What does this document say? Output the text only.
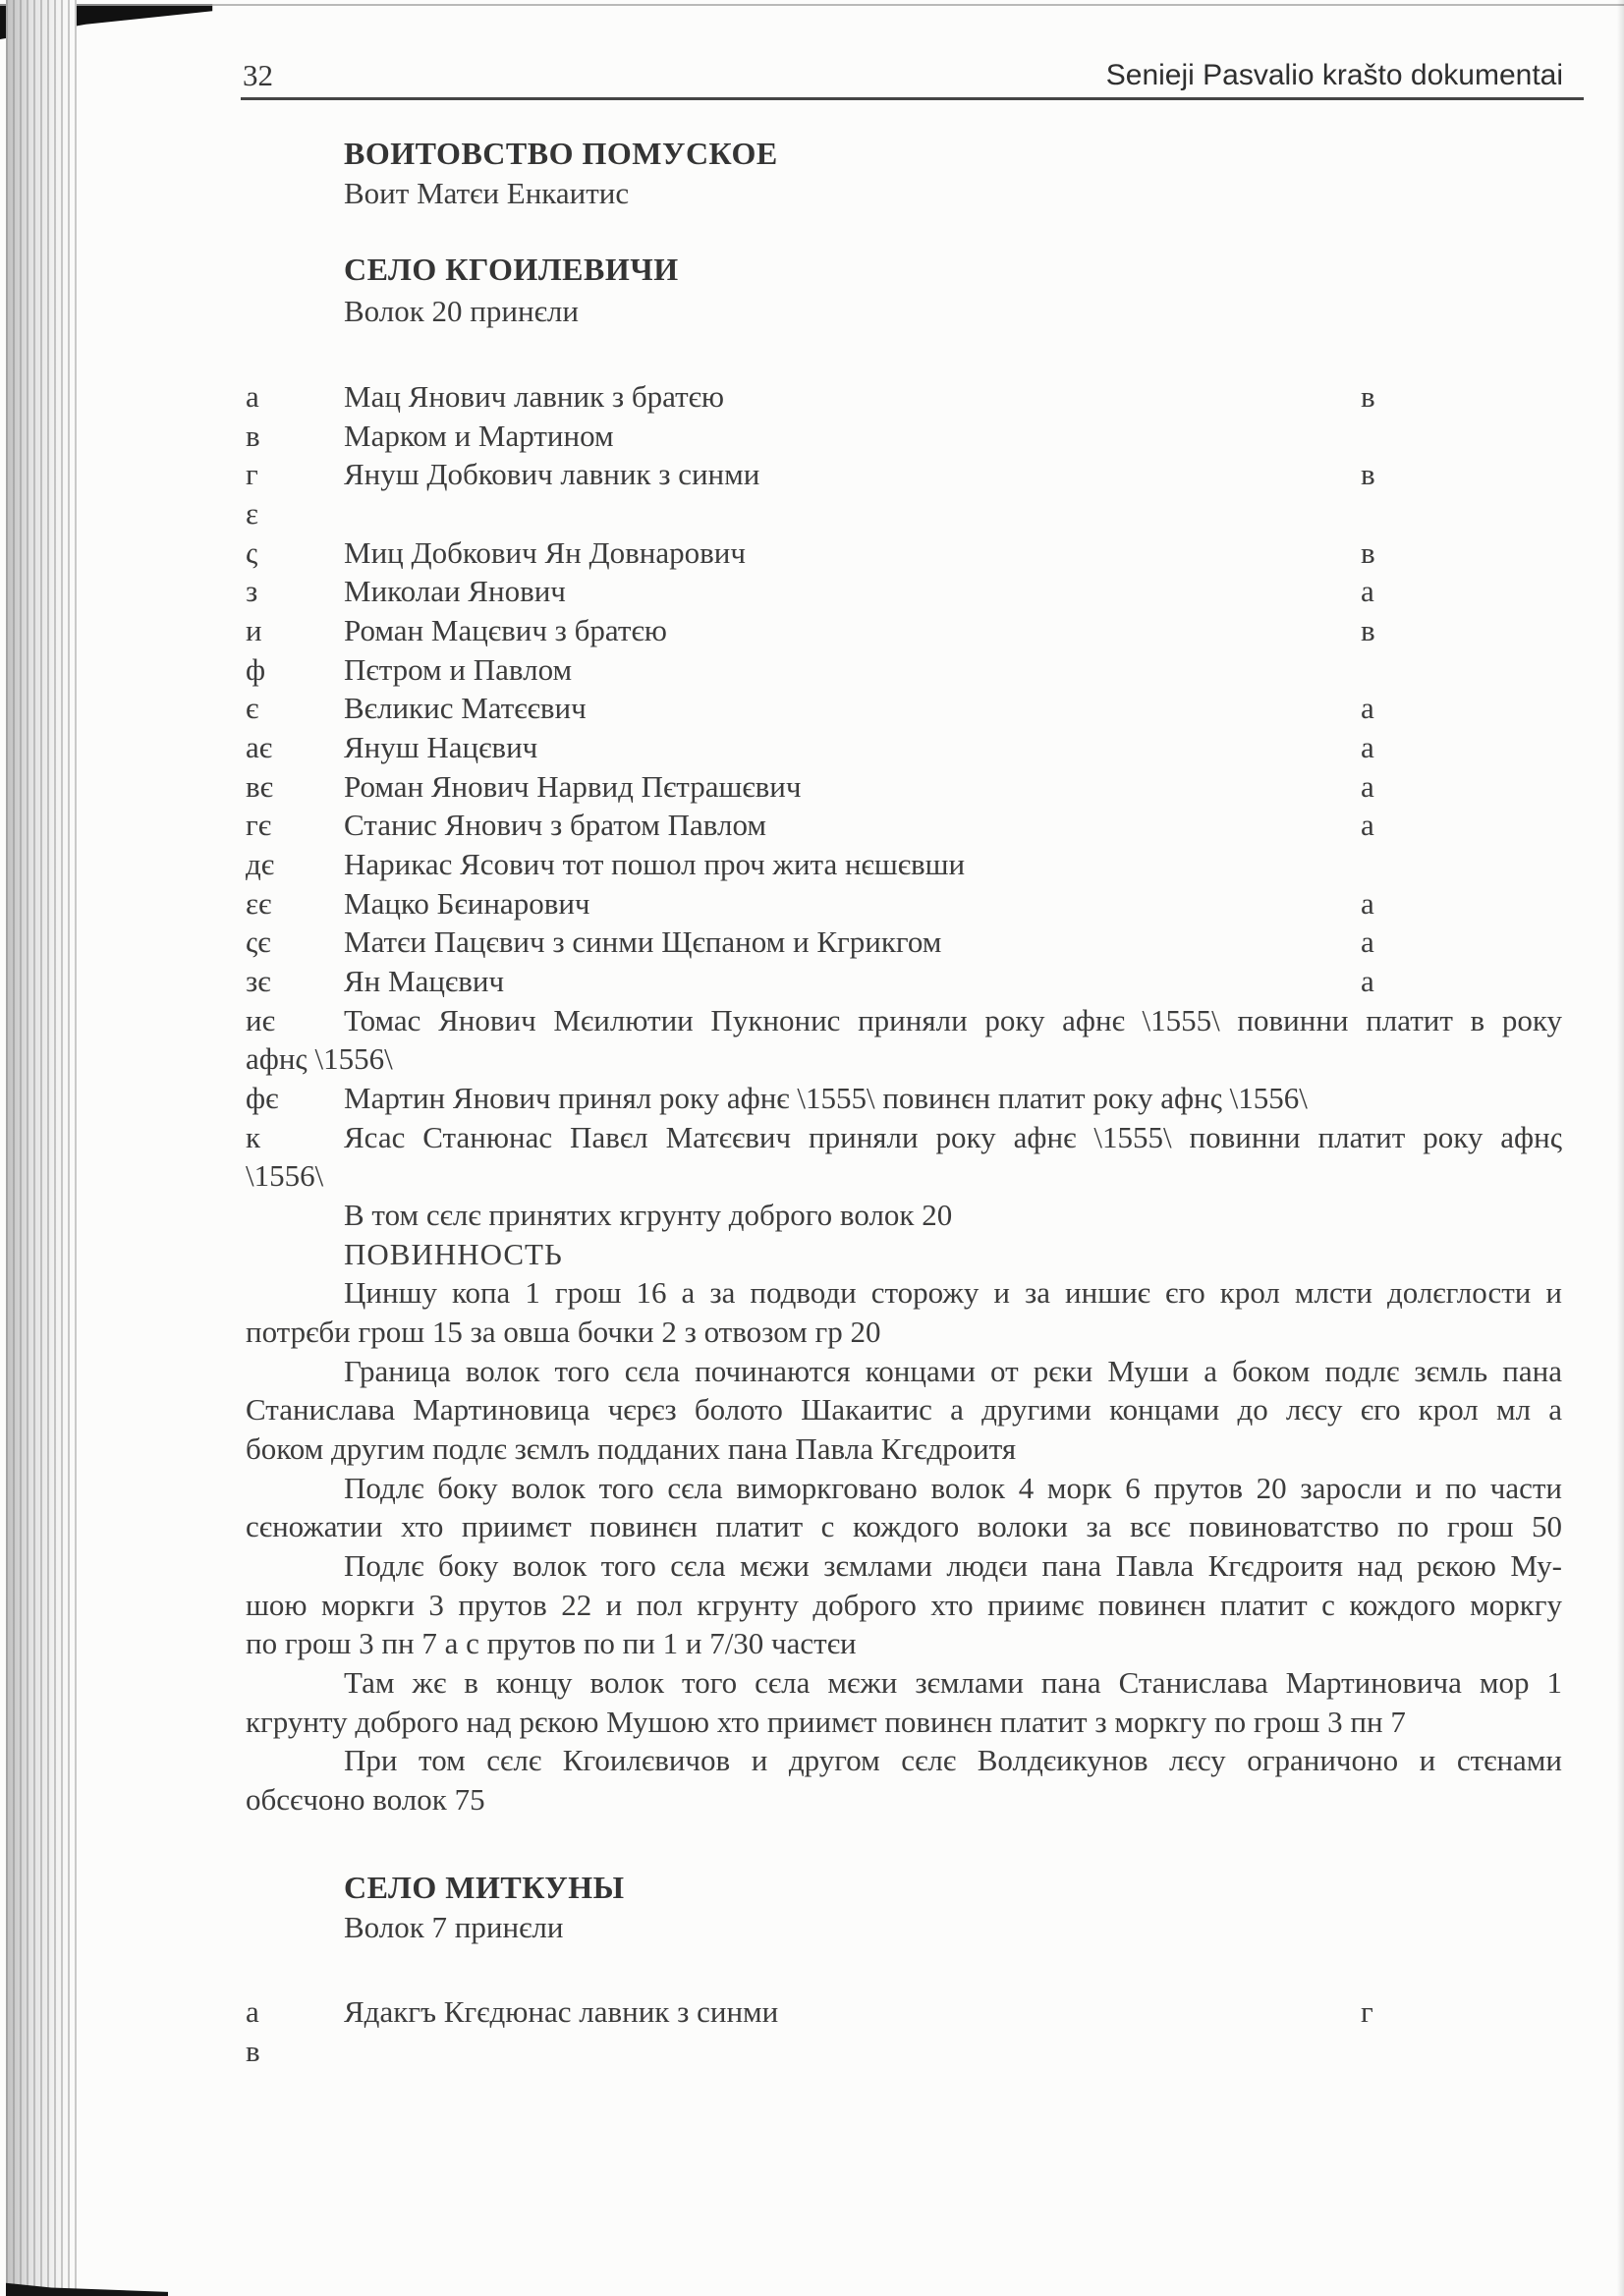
32	Senieji Pasvalio krašto dokumentai
ВОИТОВСТВО ПОМУСКОЕ
Воит Матєи Енкаитис
СЕЛО КГОИЛЕВИЧИ
Волок 20 принєли
а	Мац Янович лавник з братєю	в
в	Марком и Мартином
г	Януш Добкович лавник з синми	в
ε
ς	Миц Добкович Ян Довнарович	в
з	Миколаи Янович	а
и	Роман Мацєвич з братєю	в
ф	Пєтром и Павлом
є	Вєликис Матєєвич	а
ає Януш Нацєвич	а
вє Роман Янович Нарвид Пєтрашєвич	а
гє Станис Янович з братом Павлом	а
дє Нарикас Ясович тот пошол проч жита нєшєвши
εє Мацко Бєинарович	а
ςє Матєи Пацєвич з синми Щєпаном и Кгрикгом	а
зє Ян Мацєвич	а
иє Томас Янович Мєилютии Пукнонис приняли року афнє \1555\ повинни платит в року
афнς \1556\
фє Мартин Янович принял року афнє \1555\ повинєн платит року афнς \1556\
к	Ясас Станюнас Павєл Матєєвич приняли року афнє \1555\ повинни платит року афнς
\1556\
В том сєлє принятих кгрунту доброго волок 20
ПОВИННОСТЬ
Циншу копа 1 грош 16 а за подводи сторожу и за иншиє єго крол млсти долєглости и
потрєби грош 15 за овша бочки 2 з отвозом гр 20
Граница волок того сєла починаются концами от рєки Муши а боком подлє зємль пана
Станислава Мартиновица чєрєз болото Шакаитис а другими концами до лєсу єго крол мл а
боком другим подлє зємлъ подданих пана Павла Кгєдроитя
Подлє боку волок того сєла виморкговано волок 4 морк 6 прутов 20 заросли и по части
сєножатии хто приимєт повинєн платит с кождого волоки за всє повиноватство по грош 50
Подлє боку волок того сєла мєжи зємлами людєи пана Павла Кгєдроитя над рєкою Му-
шою моркги 3 прутов 22 и пол кгрунту доброго хто приимє повинєн платит с кождого моркгу
по грош 3 пн 7 а с прутов по пи 1 и 7/30 частєи
Там жє в концу волок того сєла мєжи зємлами пана Станислава Мартиновича мор 1
кгрунту доброго над рєкою Мушою хто приимєт повинєн платит з моркгу по грош 3 пн 7
При том сєлє Кгоилєвичов и другом сєлє Волдєикунов лєсу ограничоно и стєнами
обсєчоно волок 75
СЕЛО МИТКУНЫ
Волок 7 принєли
а	Ядакгъ Кгєдюнас лавник з синми	г
в
